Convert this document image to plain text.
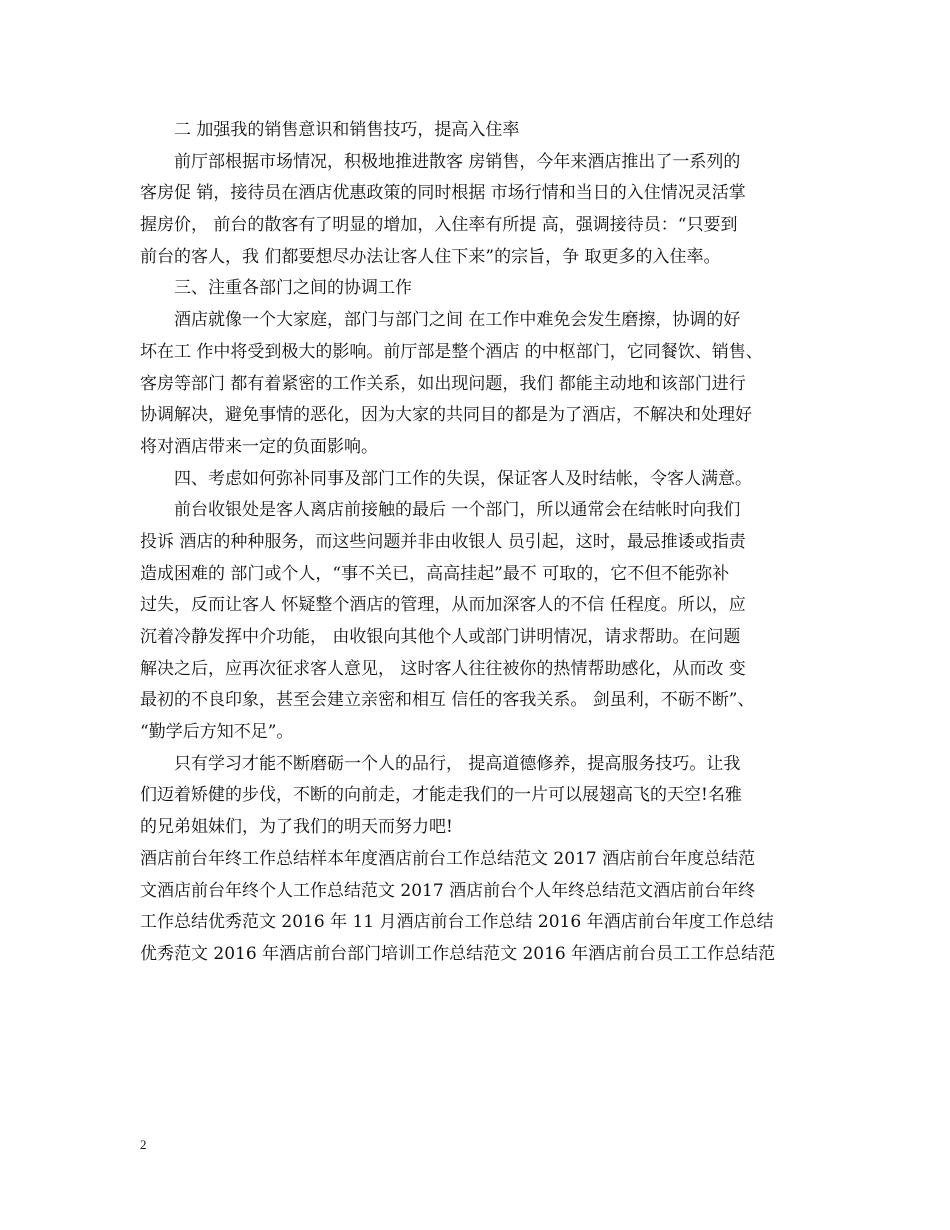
二 加强我的销售意识和销售技巧，提高入住率
前厅部根据市场情况，积极地推进散客 房销售，今年来酒店推出了一系列的
客房促 销，接待员在酒店优惠政策的同时根据 市场行情和当日的入住情况灵活掌
握房价， 前台的散客有了明显的增加，入住率有所提 高，强调接待员：“只要到
前台的客人，我 们都要想尽办法让客人住下来”的宗旨，争 取更多的入住率。
三、注重各部门之间的协调工作
酒店就像一个大家庭，部门与部门之间 在工作中难免会发生磨擦，协调的好
坏在工 作中将受到极大的影响。前厅部是整个酒店 的中枢部门，它同餐饮、销售、
客房等部门 都有着紧密的工作关系，如出现问题，我们 都能主动地和该部门进行
协调解决，避免事情的恶化，因为大家的共同目的都是为了酒店，不解决和处理好
将对酒店带来一定的负面影响。
四、考虑如何弥补同事及部门工作的失误，保证客人及时结帐，令客人满意。
前台收银处是客人离店前接触的最后 一个部门，所以通常会在结帐时向我们
投诉 酒店的种种服务，而这些问题并非由收银人 员引起，这时，最忌推诿或指责
造成困难的 部门或个人，“事不关已，高高挂起”最不 可取的，它不但不能弥补
过失，反而让客人 怀疑整个酒店的管理，从而加深客人的不信 任程度。所以，应
沉着冷静发挥中介功能， 由收银向其他个人或部门讲明情况，请求帮助。在问题
解决之后，应再次征求客人意见， 这时客人往往被你的热情帮助感化，从而改 变
最初的不良印象，甚至会建立亲密和相互 信任的客我关系。 剑虽利，不砺不断”、
“勤学后方知不足”。
只有学习才能不断磨砺一个人的品行， 提高道德修养，提高服务技巧。让我
们迈着矫健的步伐，不断的向前走，才能走我们的一片可以展翅高飞的天空!名雅
的兄弟姐妹们，为了我们的明天而努力吧!
酒店前台年终工作总结样本年度酒店前台工作总结范文 2017 酒店前台年度总结范
文酒店前台年终个人工作总结范文 2017 酒店前台个人年终总结范文酒店前台年终
工作总结优秀范文 2016 年 11 月酒店前台工作总结 2016 年酒店前台年度工作总结
优秀范文 2016 年酒店前台部门培训工作总结范文 2016 年酒店前台员工工作总结范
2
